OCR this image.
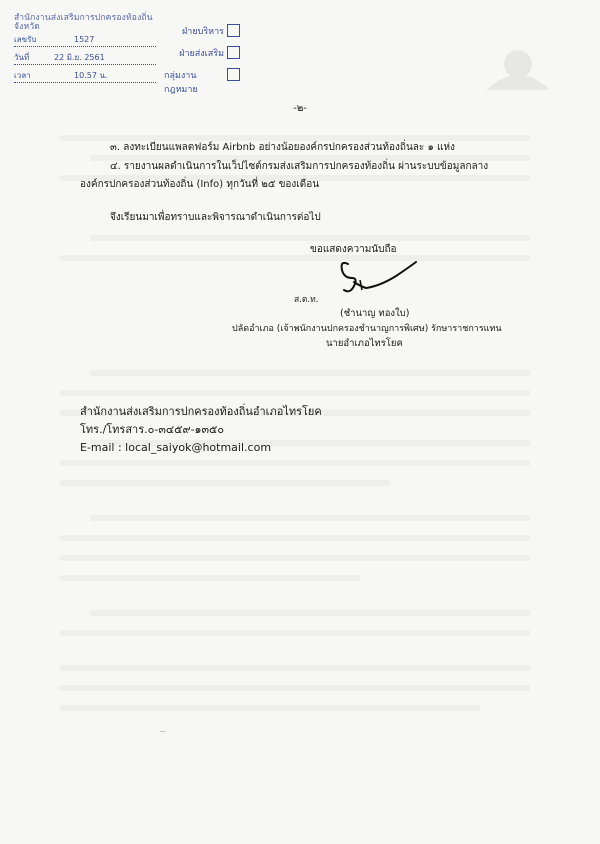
สำนักงานส่งเสริมการปกครองท้องถิ่นจังหวัด
เลขรับ	1527
วันที่	22 มิ.ย. 2561
เวลา	10.57 น.
ฝ่ายบริหาร
ฝ่ายส่งเสริม
กลุ่มงานกฎหมาย
-๒-
๓. ลงทะเบียนแพลตฟอร์ม Airbnb อย่างน้อยองค์กรปกครองส่วนท้องถิ่นละ ๑ แห่ง
๔. รายงานผลดำเนินการในเว็ปไซต์กรมส่งเสริมการปกครองท้องถิ่น ผ่านระบบข้อมูลกลาง
องค์กรปกครองส่วนท้องถิ่น (Info) ทุกวันที่ ๒๕ ของเดือน
จึงเรียนมาเพื่อทราบและพิจารณาดำเนินการต่อไป
ขอแสดงความนับถือ
ส.ต.ท.
(ชำนาญ ทองใบ)
ปลัดอำเภอ (เจ้าพนักงานปกครองชำนาญการพิเศษ) รักษาราชการแทน
นายอำเภอไทรโยค
สำนักงานส่งเสริมการปกครองท้องถิ่นอำเภอไทรโยค
โทร./โทรสาร.๐-๓๔๕๙-๑๓๕๐
E-mail : local_saiyok@hotmail.com
